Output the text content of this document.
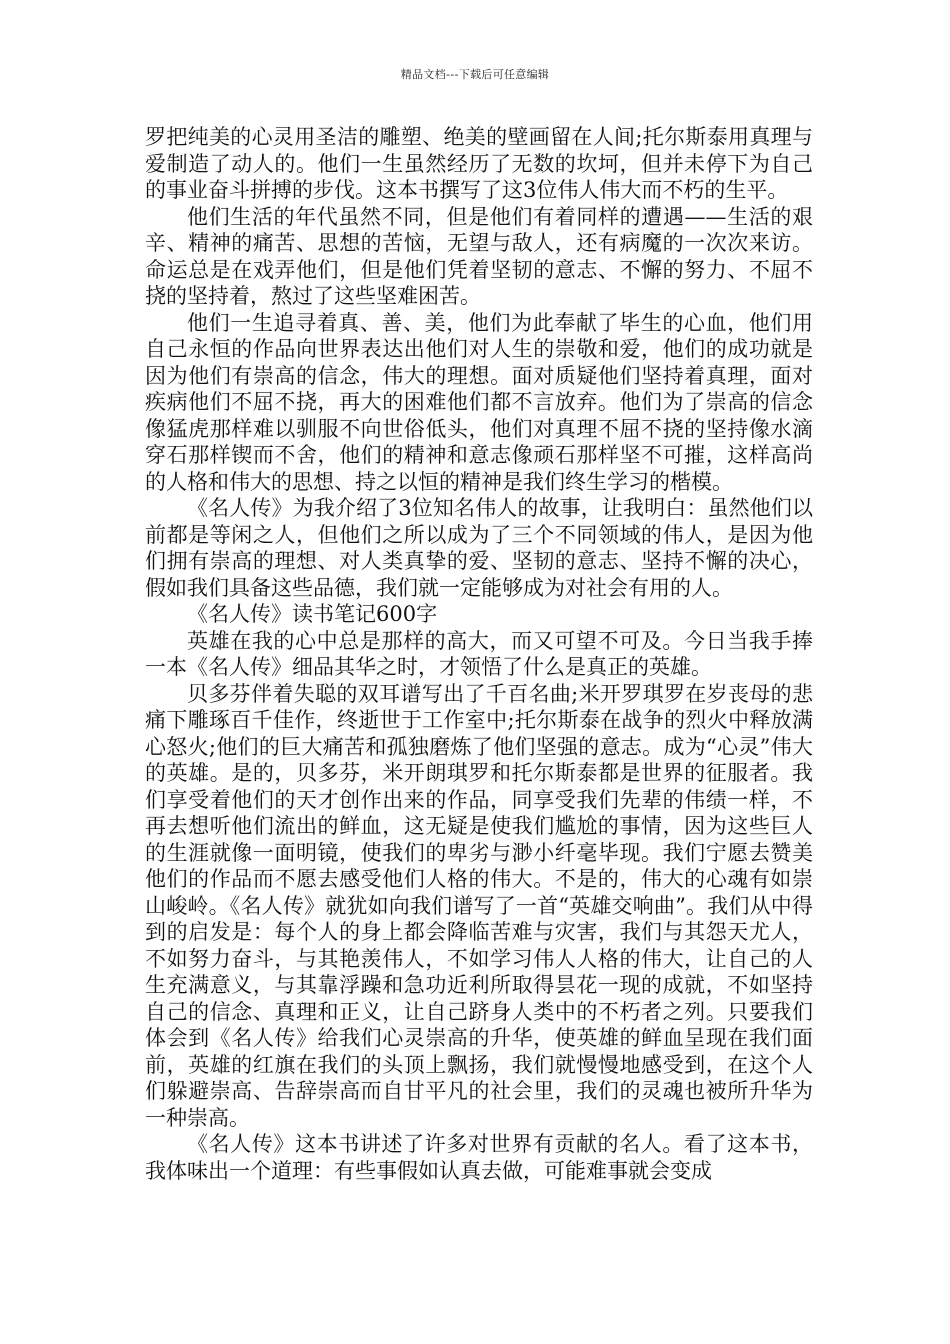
精品文档---下载后可任意编辑

罗把纯美的心灵用圣洁的雕塑、绝美的壁画留在人间;托尔斯泰用真理与爱制造了动人的。他们一生虽然经历了无数的坎坷，但并未停下为自己的事业奋斗拼搏的步伐。这本书撰写了这3位伟人伟大而不朽的生平。

他们生活的年代虽然不同，但是他们有着同样的遭遇——生活的艰辛、精神的痛苦、思想的苦恼，无望与敌人，还有病魔的一次次来访。命运总是在戏弄他们，但是他们凭着坚韧的意志、不懈的努力、不屈不挠的坚持着，熬过了这些坚难困苦。

他们一生追寻着真、善、美，他们为此奉献了毕生的心血，他们用自己永恒的作品向世界表达出他们对人生的崇敬和爱，他们的成功就是因为他们有崇高的信念，伟大的理想。面对质疑他们坚持着真理，面对疾病他们不屈不挠，再大的困难他们都不言放弃。他们为了崇高的信念像猛虎那样难以驯服不向世俗低头，他们对真理不屈不挠的坚持像水滴穿石那样锲而不舍，他们的精神和意志像顽石那样坚不可摧，这样高尚的人格和伟大的思想、持之以恒的精神是我们终生学习的楷模。

《名人传》为我介绍了3位知名伟人的故事，让我明白：虽然他们以前都是等闲之人，但他们之所以成为了三个不同领域的伟人，是因为他们拥有崇高的理想、对人类真挚的爱、坚韧的意志、坚持不懈的决心，假如我们具备这些品德，我们就一定能够成为对社会有用的人。

《名人传》读书笔记600字

英雄在我的心中总是那样的高大，而又可望不可及。今日当我手捧一本《名人传》细品其华之时，才领悟了什么是真正的英雄。

贝多芬伴着失聪的双耳谱写出了千百名曲;米开罗琪罗在岁丧母的悲痛下雕琢百千佳作，终逝世于工作室中;托尔斯泰在战争的烈火中释放满心怒火;他们的巨大痛苦和孤独磨炼了他们坚强的意志。成为“心灵”伟大的英雄。是的，贝多芬，米开朗琪罗和托尔斯泰都是世界的征服者。我们享受着他们的天才创作出来的作品，同享受我们先辈的伟绩一样，不再去想听他们流出的鲜血，这无疑是使我们尴尬的事情，因为这些巨人的生涯就像一面明镜，使我们的卑劣与渺小纤毫毕现。我们宁愿去赞美他们的作品而不愿去感受他们人格的伟大。不是的，伟大的心魂有如崇山峻岭。《名人传》就犹如向我们谱写了一首“英雄交响曲”。我们从中得到的启发是：每个人的身上都会降临苦难与灾害，我们与其怨天尤人，不如努力奋斗，与其艳羡伟人，不如学习伟人人格的伟大，让自己的人生充满意义，与其靠浮躁和急功近利所取得昙花一现的成就，不如坚持自己的信念、真理和正义，让自己跻身人类中的不朽者之列。只要我们体会到《名人传》给我们心灵崇高的升华，使英雄的鲜血呈现在我们面前，英雄的红旗在我们的头顶上飘扬，我们就慢慢地感受到，在这个人们躲避崇高、告辞崇高而自甘平凡的社会里，我们的灵魂也被所升华为一种崇高。

《名人传》这本书讲述了许多对世界有贡献的名人。看了这本书，我体味出一个道理：有些事假如认真去做，可能难事就会变成
